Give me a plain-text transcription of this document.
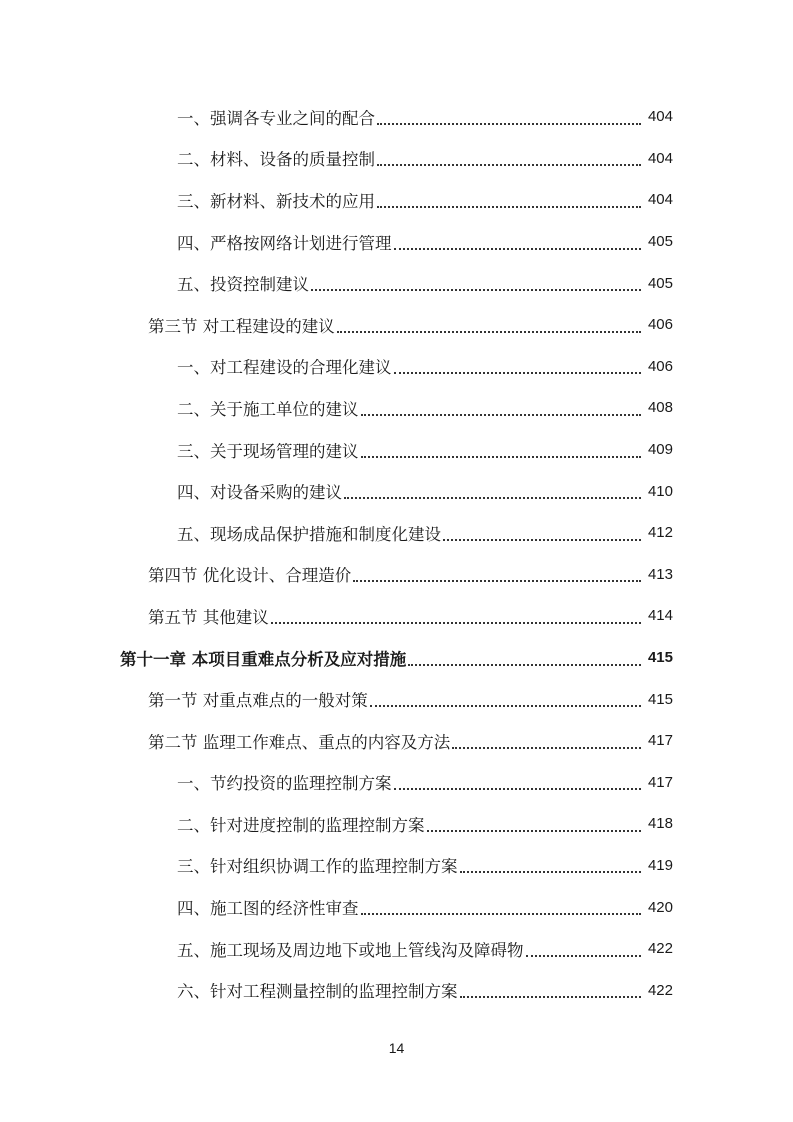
一、强调各专业之间的配合	404
二、材料、设备的质量控制	404
三、新材料、新技术的应用	404
四、严格按网络计划进行管理	405
五、投资控制建议	405
第三节 对工程建设的建议	406
一、对工程建设的合理化建议	406
二、关于施工单位的建议	408
三、关于现场管理的建议	409
四、对设备采购的建议	410
五、现场成品保护措施和制度化建设	412
第四节 优化设计、合理造价	413
第五节 其他建议	414
第十一章 本项目重难点分析及应对措施	415
第一节 对重点难点的一般对策	415
第二节 监理工作难点、重点的内容及方法	417
一、节约投资的监理控制方案	417
二、针对进度控制的监理控制方案	418
三、针对组织协调工作的监理控制方案	419
四、施工图的经济性审查	420
五、施工现场及周边地下或地上管线沟及障碍物	422
六、针对工程测量控制的监理控制方案	422
14
